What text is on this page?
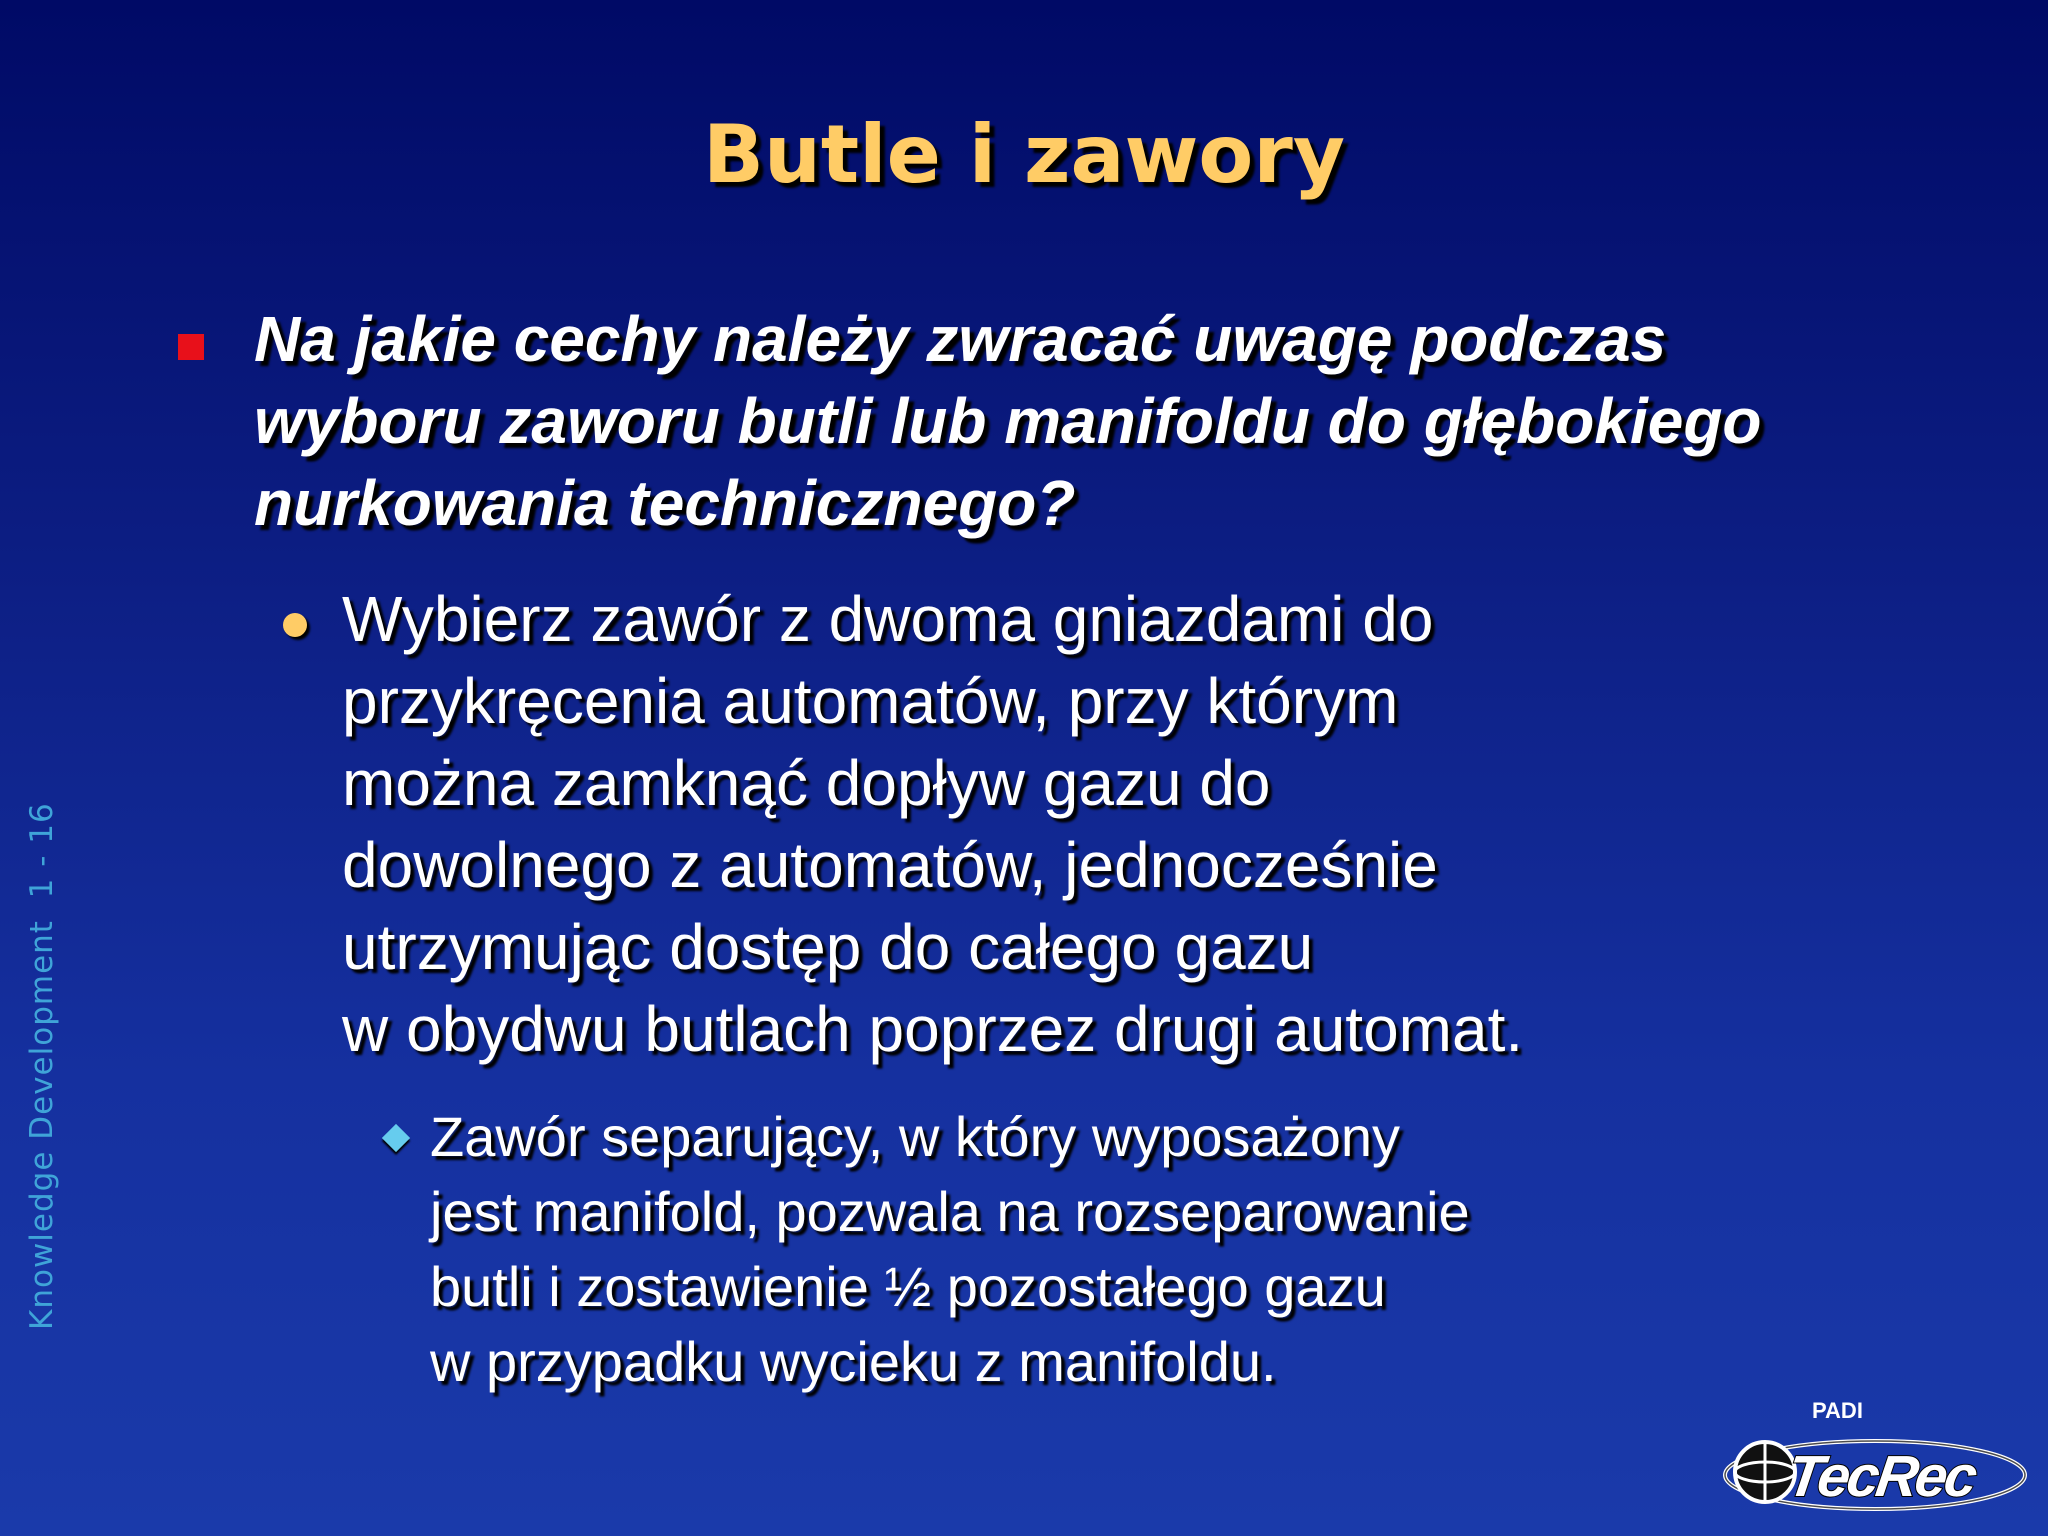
Butle i zawory
Knowledge Development  1 - 16
Na jakie cechy należy zwracać uwagę podczas
wyboru zaworu butli lub manifoldu do głębokiego
nurkowania technicznego?
Wybierz zawór z dwoma gniazdami do
przykręcenia automatów, przy którym
można zamknąć dopływ gazu do
dowolnego z automatów, jednocześnie
utrzymując dostęp do całego gazu
w obydwu butlach poprzez drugi automat.
Zawór separujący, w który wyposażony
jest manifold, pozwala na rozseparowanie
butli i zostawienie ½ pozostałego gazu
w przypadku wycieku z manifoldu.
PADI
TecRec
